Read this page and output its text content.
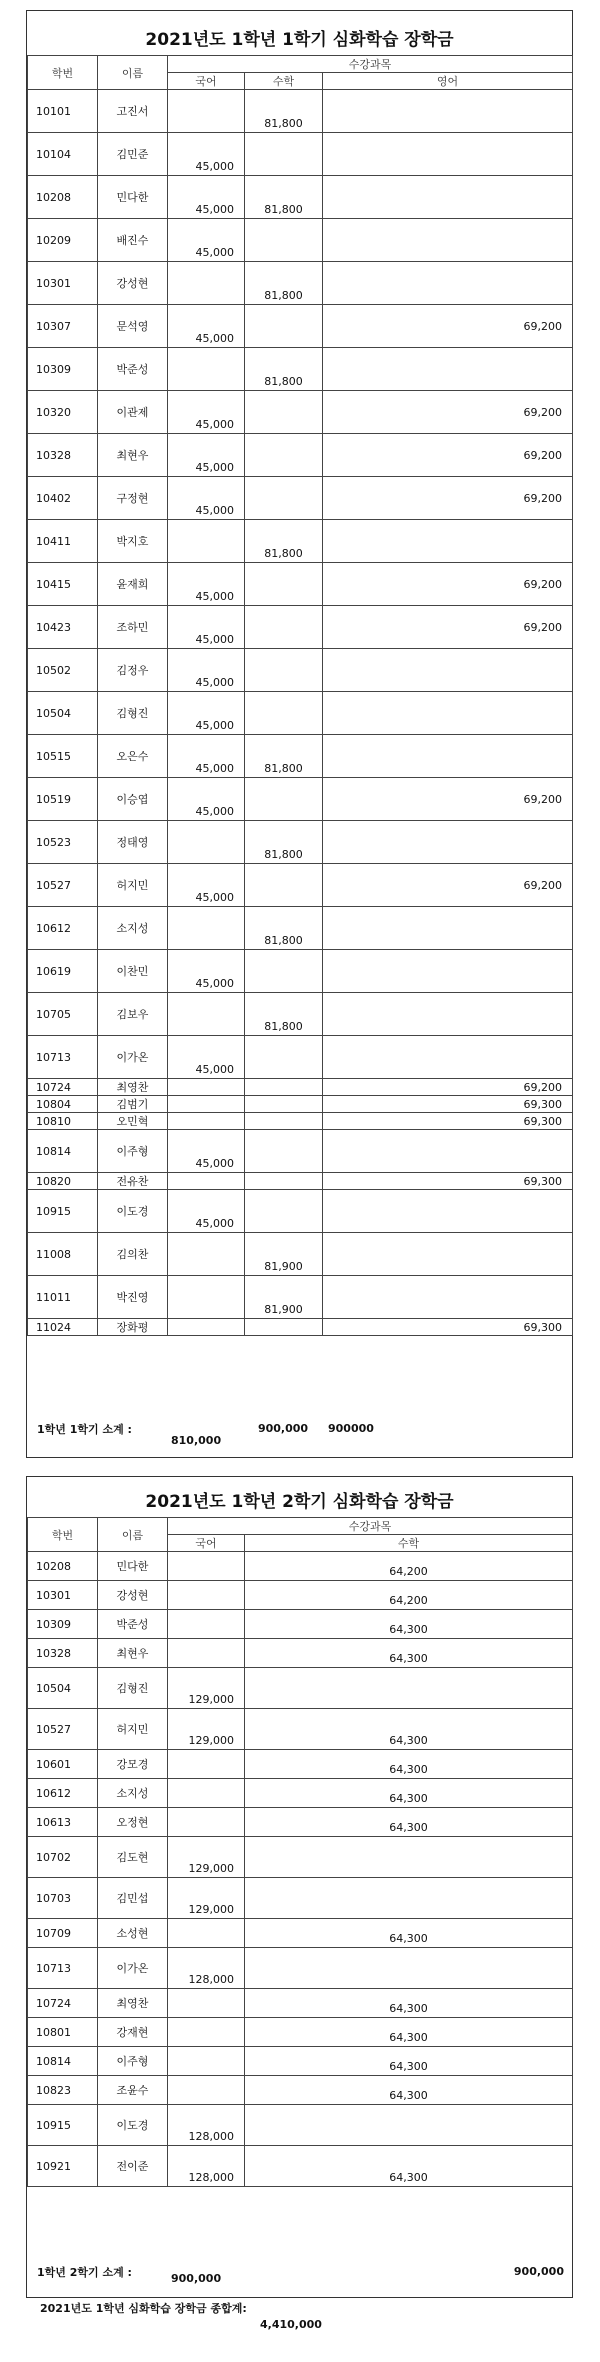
2021년도 1학년 1학기 심화학습 장학금
학번	이름	수강과목		
		국어	수학	영어
10101	고진서		81,800	
10104	김민준	45,000		
10208	민다한	45,000	81,800	
10209	배진수	45,000		
10301	강성현		81,800	
10307	문석영	45,000		69,200
10309	박준성		81,800	
10320	이관제	45,000		69,200
10328	최현우	45,000		69,200
10402	구정현	45,000		69,200
10411	박지호		81,800	
10415	윤재희	45,000		69,200
10423	조하민	45,000		69,200
10502	김정우	45,000		
10504	김형진	45,000		
10515	오은수	45,000	81,800	
10519	이승엽	45,000		69,200
10523	정태영		81,800	
10527	허지민	45,000		69,200
10612	소지성		81,800	
10619	이찬민	45,000		
10705	김보우		81,800	
10713	이가온	45,000		
10724	최영찬			69,200
10804	김범기			69,300
10810	오민혁			69,300
10814	이주형	45,000		
10820	전유찬			69,300
10915	이도경	45,000		
11008	김의찬		81,900	
11011	박진영		81,900	
11024	장화평			69,300
1학년 1학기 소계 :	810,000	900,000	900000
2021년도 1학년 2학기 심화학습 장학금
학번	이름	수강과목	
		국어	수학
10208	민다한		64,200
10301	강성현		64,200
10309	박준성		64,300
10328	최현우		64,300
10504	김형진	129,000	
10527	허지민	129,000	64,300
10601	강모경		64,300
10612	소지성		64,300
10613	오정현		64,300
10702	김도현	129,000	
10703	김민섭	129,000	
10709	소성현		64,300
10713	이가온	128,000	
10724	최영찬		64,300
10801	강재현		64,300
10814	이주형		64,300
10823	조윤수		64,300
10915	이도경	128,000	
10921	전이준	128,000	64,300
1학년 2학기 소계 :	900,000	900,000
2021년도 1학년 심화학습 장학금 종합계:
4,410,000
